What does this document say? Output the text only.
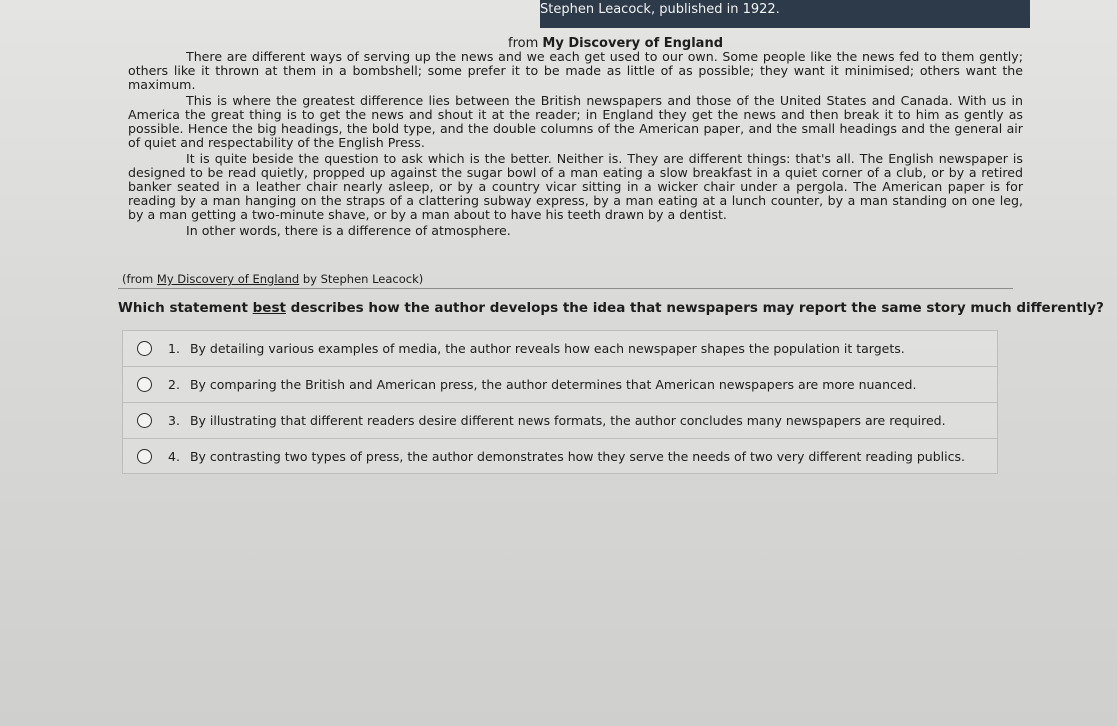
Stephen Leacock, published in 1922.
from My Discovery of England

There are different ways of serving up the news and we each get used to our own. Some people like the news fed to them gently; others like it thrown at them in a bombshell; some prefer it to be made as little of as possible; they want it minimised; others want the maximum.

This is where the greatest difference lies between the British newspapers and those of the United States and Canada. With us in America the great thing is to get the news and shout it at the reader; in England they get the news and then break it to him as gently as possible. Hence the big headings, the bold type, and the double columns of the American paper, and the small headings and the general air of quiet and respectability of the English Press.

It is quite beside the question to ask which is the better. Neither is. They are different things: that's all. The English newspaper is designed to be read quietly, propped up against the sugar bowl of a man eating a slow breakfast in a quiet corner of a club, or by a retired banker seated in a leather chair nearly asleep, or by a country vicar sitting in a wicker chair under a pergola. The American paper is for reading by a man hanging on the straps of a clattering subway express, by a man eating at a lunch counter, by a man standing on one leg, by a man getting a two-minute shave, or by a man about to have his teeth drawn by a dentist.

In other words, there is a difference of atmosphere.

(from My Discovery of England by Stephen Leacock)
Which statement best describes how the author develops the idea that newspapers may report the same story much differently?
1. By detailing various examples of media, the author reveals how each newspaper shapes the population it targets.
2. By comparing the British and American press, the author determines that American newspapers are more nuanced.
3. By illustrating that different readers desire different news formats, the author concludes many newspapers are required.
4. By contrasting two types of press, the author demonstrates how they serve the needs of two very different reading publics.
